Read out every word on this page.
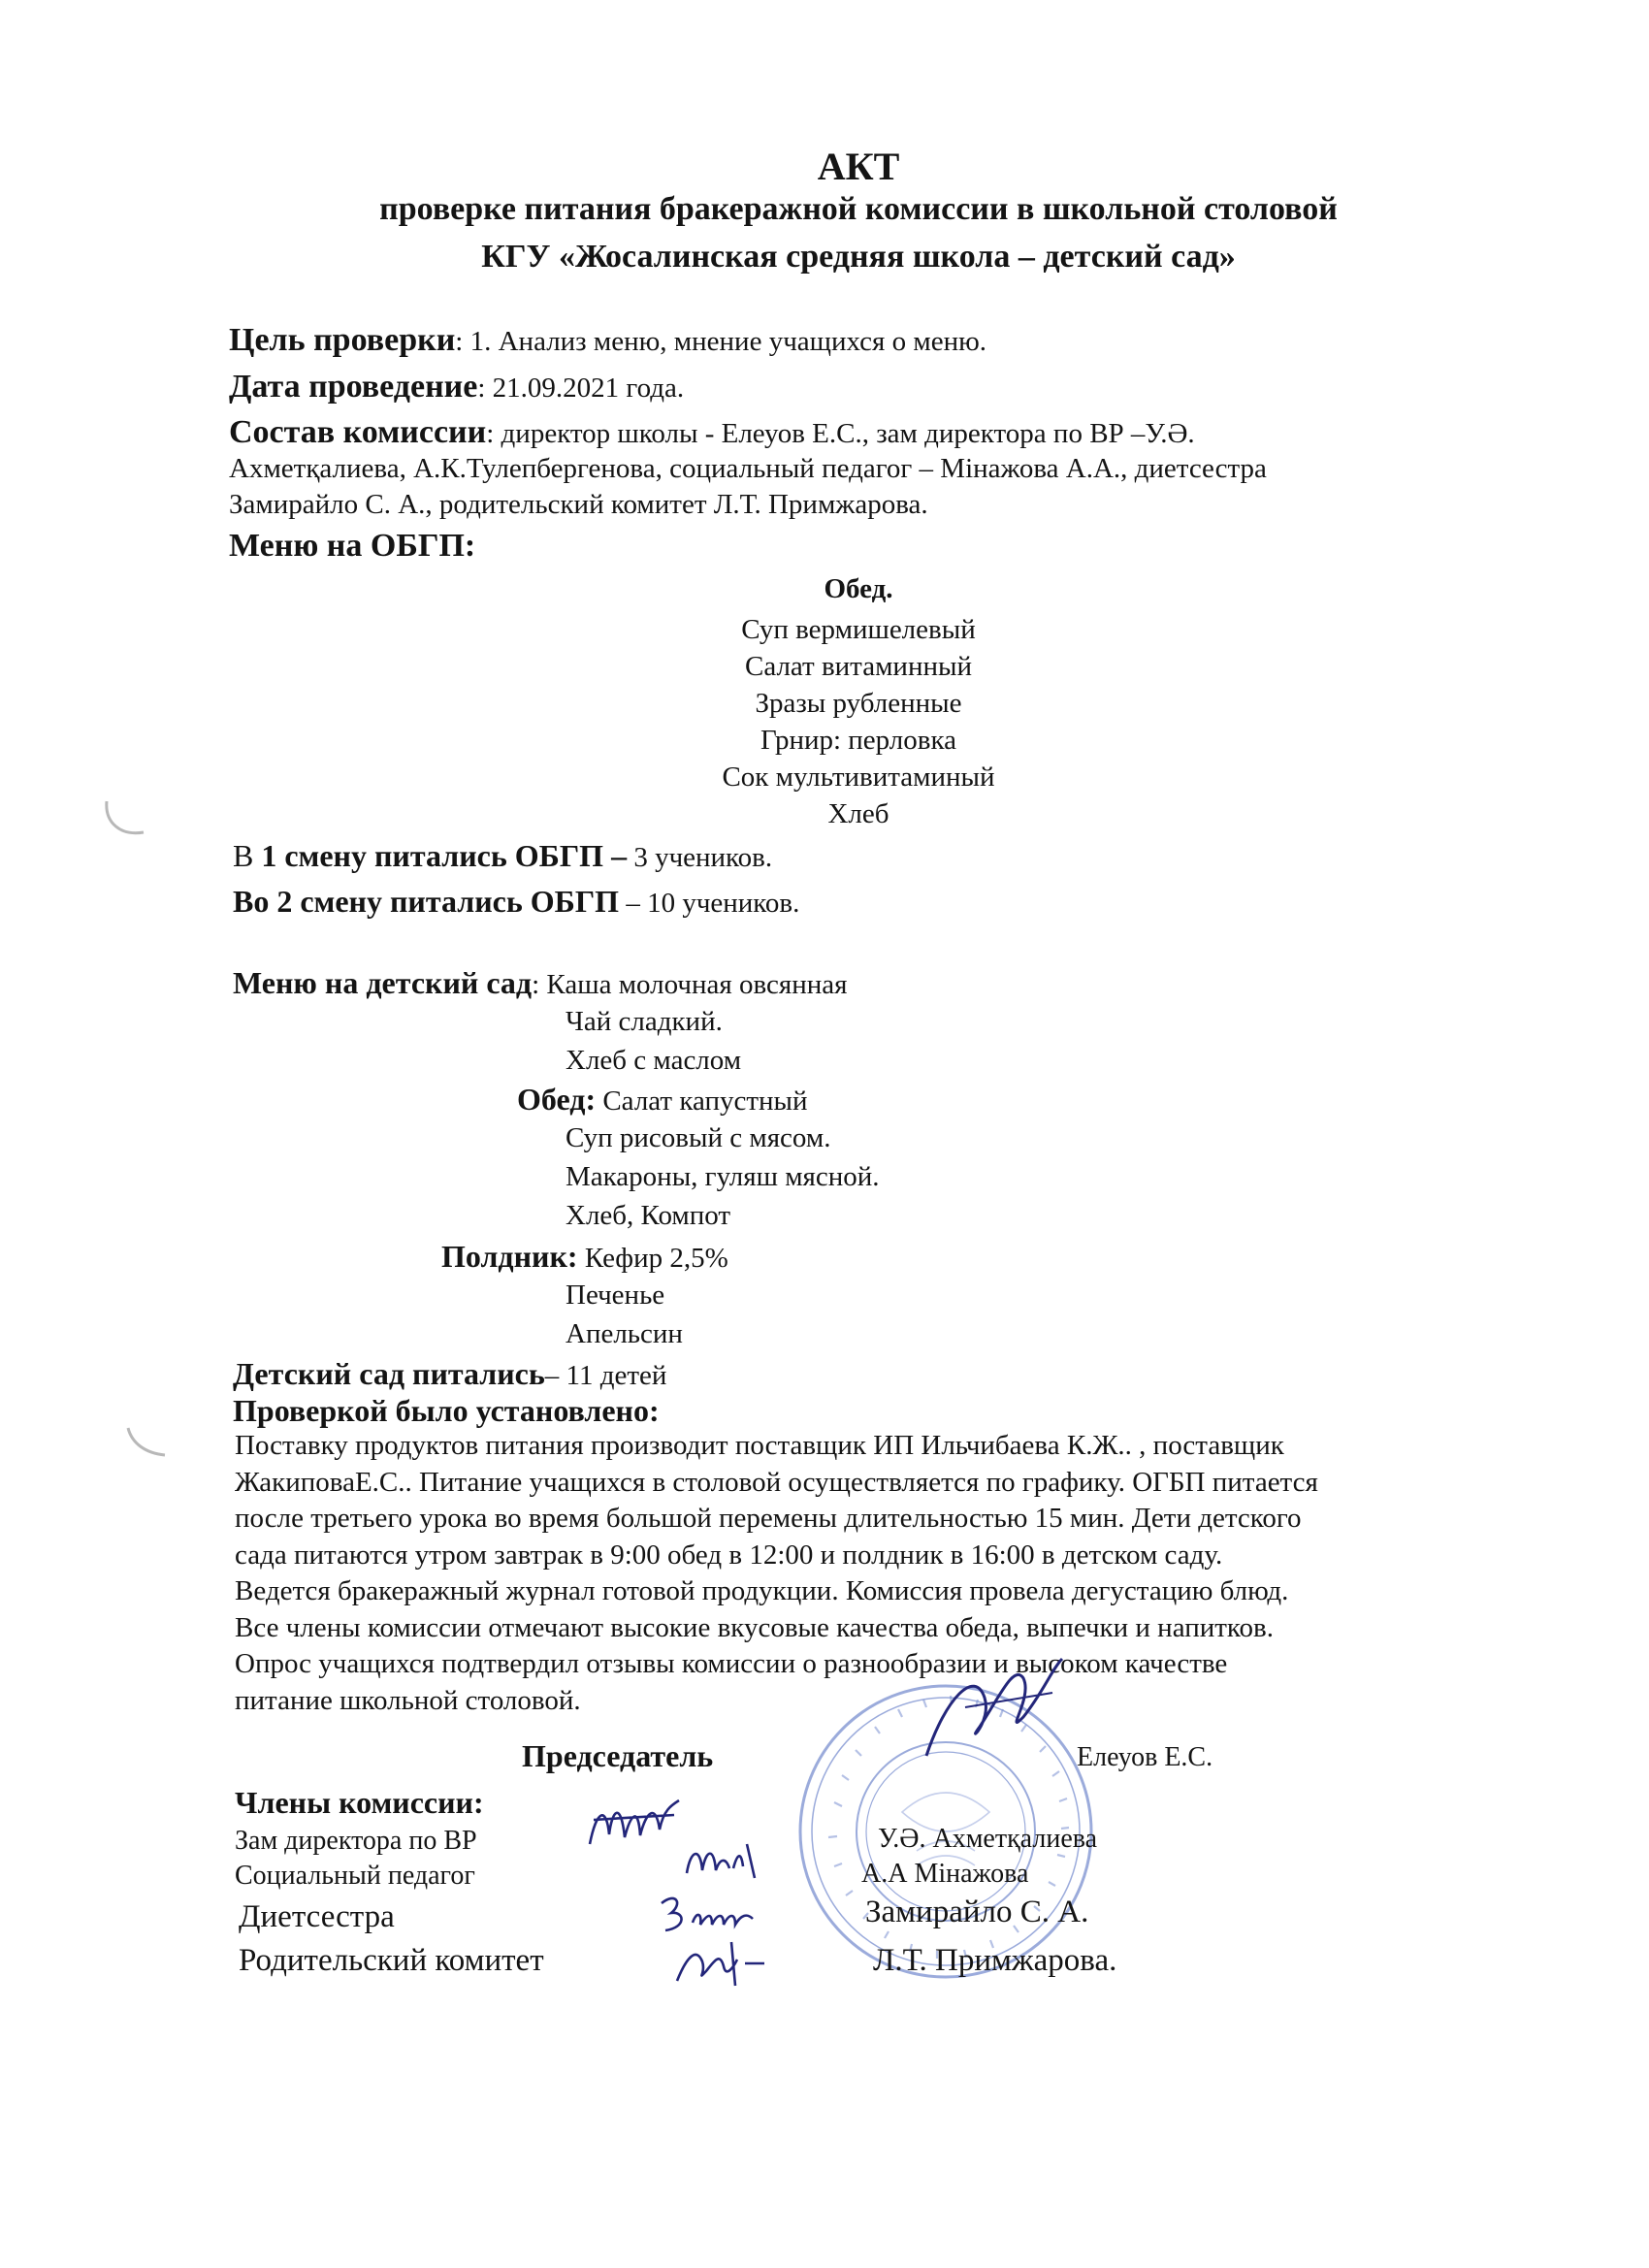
АКТ
проверке питания бракеражной комиссии в школьной столовой
КГУ «Жосалинская средняя школа – детский сад»
Цель проверки: 1. Анализ меню, мнение учащихся о меню.
Дата проведение: 21.09.2021 года.
Состав комиссии: директор школы - Елеуов Е.С., зам директора по ВР –У.Ә.
Ахметқалиева, А.К.Тулепбергенова, социальный педагог – Мінажова А.А., диетсестра
Замирайло С. А., родительский комитет Л.Т. Примжарова.
Меню на ОБГП:
Обед.
Суп вермишелевый
Салат витаминный
Зразы рубленные
Грнир: перловка
Сок мультивитаминый
Хлеб
В 1 смену питались ОБГП – 3 учеников.
Во 2 смену питались ОБГП – 10 учеников.
Меню на детский сад: Каша молочная овсянная
Чай сладкий.
Хлеб с маслом
Обед: Салат капустный
Суп рисовый с мясом.
Макароны, гуляш мясной.
Хлеб, Компот
Полдник: Кефир 2,5%
Печенье
Апельсин
Детский сад питались– 11 детей
Проверкой было установлено:
Поставку продуктов питания производит поставщик ИП Ильчибаева К.Ж.. , поставщик
ЖакиповаЕ.С.. Питание учащихся в столовой осуществляется по графику. ОГБП питается
после третьего урока во время большой перемены длительностью 15 мин. Дети детского
сада питаются утром завтрак в 9:00 обед в 12:00 и полдник в 16:00 в детском саду.
Ведется бракеражный журнал готовой продукции. Комиссия провела дегустацию блюд.
Все члены комиссии отмечают высокие вкусовые качества обеда, выпечки и напитков.
Опрос учащихся подтвердил отзывы комиссии о разнообразии и высоком качестве
питание школьной столовой.
Председатель	Елеуов Е.С.
Члены комиссии:
Зам директора по ВР	У.Ә. Ахметқалиева
Социальный педагог	А.А Мінажова
Диетсестра	Замирайло С. А.
Родительский комитет	Л.Т. Примжарова.
